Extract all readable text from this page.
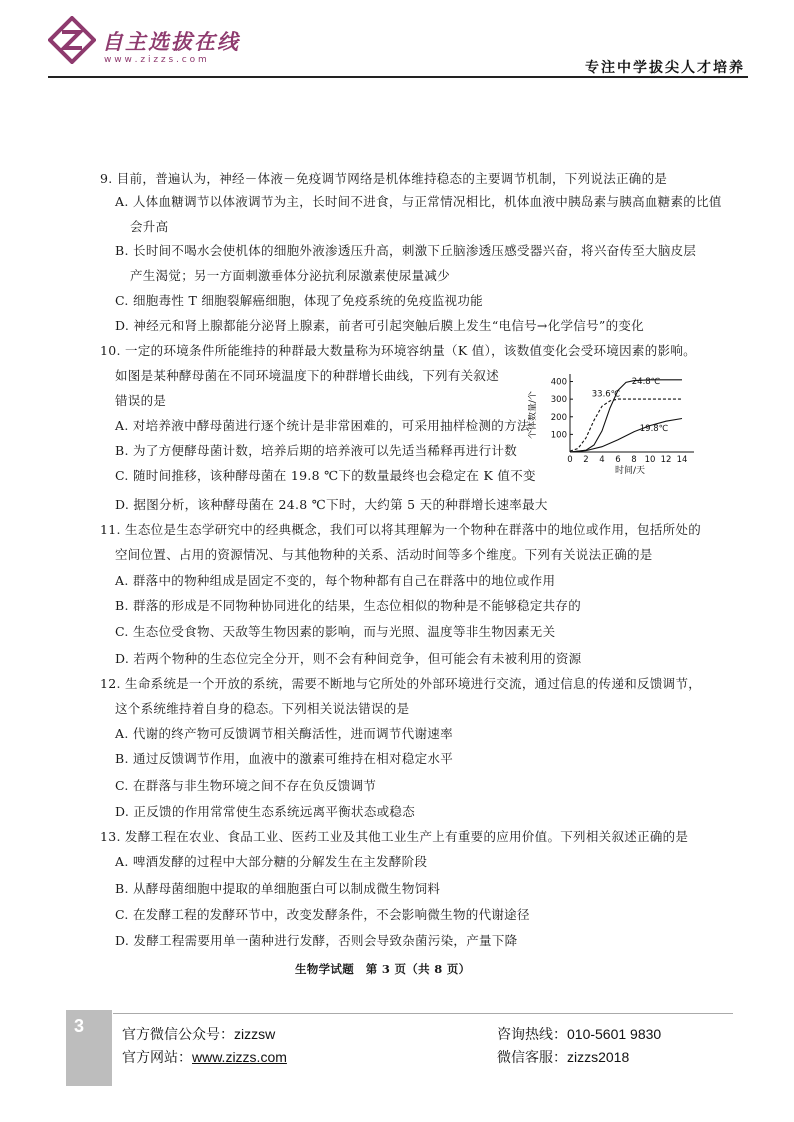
自主选拔在线
w w w . z i z z s . c o m	专注中学拔尖人才培养
9. 目前，普遍认为，神经－体液－免疫调节网络是机体维持稳态的主要调节机制，下列说法正确的是
A. 人体血糖调节以体液调节为主，长时间不进食，与正常情况相比，机体血液中胰岛素与胰高血糖素的比值
会升高
B. 长时间不喝水会使机体的细胞外液渗透压升高，刺激下丘脑渗透压感受器兴奋，将兴奋传至大脑皮层
产生渴觉；另一方面刺激垂体分泌抗利尿激素使尿量减少
C. 细胞毒性 T 细胞裂解癌细胞，体现了免疫系统的免疫监视功能
D. 神经元和肾上腺都能分泌肾上腺素，前者可引起突触后膜上发生“电信号→化学信号”的变化
10. 一定的环境条件所能维持的种群最大数量称为环境容纳量（K 值），该数值变化会受环境因素的影响。
如图是某种酵母菌在不同环境温度下的种群增长曲线，下列有关叙述
错误的是
A. 对培养液中酵母菌进行逐个统计是非常困难的，可采用抽样检测的方法
B. 为了方便酵母菌计数，培养后期的培养液可以先适当稀释再进行计数
C. 随时间推移，该种酵母菌在 19.8 ℃下的数量最终也会稳定在 K 值不变
D. 据图分析，该种酵母菌在 24.8 ℃下时，大约第 5 天的种群增长速率最大
0 2 4 6 8 10 12 14
100
200
300
400
时间/天
个体数量/个	33.6℃
24.8℃
19.8℃
11. 生态位是生态学研究中的经典概念，我们可以将其理解为一个物种在群落中的地位或作用，包括所处的
空间位置、占用的资源情况、与其他物种的关系、活动时间等多个维度。下列有关说法正确的是
A. 群落中的物种组成是固定不变的，每个物种都有自己在群落中的地位或作用
B. 群落的形成是不同物种协同进化的结果，生态位相似的物种是不能够稳定共存的
C. 生态位受食物、天敌等生物因素的影响，而与光照、温度等非生物因素无关
D. 若两个物种的生态位完全分开，则不会有种间竞争，但可能会有未被利用的资源
12. 生命系统是一个开放的系统，需要不断地与它所处的外部环境进行交流，通过信息的传递和反馈调节，
这个系统维持着自身的稳态。下列相关说法错误的是
A. 代谢的终产物可反馈调节相关酶活性，进而调节代谢速率
B. 通过反馈调节作用，血液中的激素可维持在相对稳定水平
C. 在群落与非生物环境之间不存在负反馈调节
D. 正反馈的作用常常使生态系统远离平衡状态或稳态
13. 发酵工程在农业、食品工业、医药工业及其他工业生产上有重要的应用价值。下列相关叙述正确的是
A. 啤酒发酵的过程中大部分糖的分解发生在主发酵阶段
B. 从酵母菌细胞中提取的单细胞蛋白可以制成微生物饲料
C. 在发酵工程的发酵环节中，改变发酵条件，不会影响微生物的代谢途径
D. 发酵工程需要用单一菌种进行发酵，否则会导致杂菌污染，产量下降
生物学试题　第 3 页（共 8 页）
3	官方微信公众号：zizzsw
官方网站：www.zizzs.com
咨询热线：010-5601 9830
微信客服：zizzs2018
